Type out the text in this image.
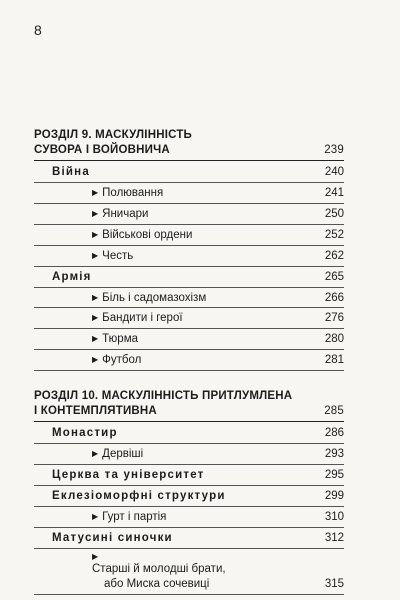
8
РОЗДІЛ 9. МАСКУЛІННІСТЬ
СУВОРА І ВОЙОВНИЧА	239
Війна	240
▶ Полювання	241
▶ Яничари	250
▶ Військові ордени	252
▶ Честь	262
Армія	265
▶ Біль і садомазохізм	266
▶ Бандити і герої	276
▶ Тюрма	280
▶ Футбол	281
РОЗДІЛ 10. МАСКУЛІННІСТЬ ПРИТЛУМЛЕНА
І КОНТЕМПЛЯТИВНА	285
Монастир	286
▶ Дервіші	293
Церква та університет	295
Еклезіоморфні структури	299
▶ Гурт і партія	310
Матусині синочки	312
▶
Старші й молодші брати,
або Миска сочевиці	315
